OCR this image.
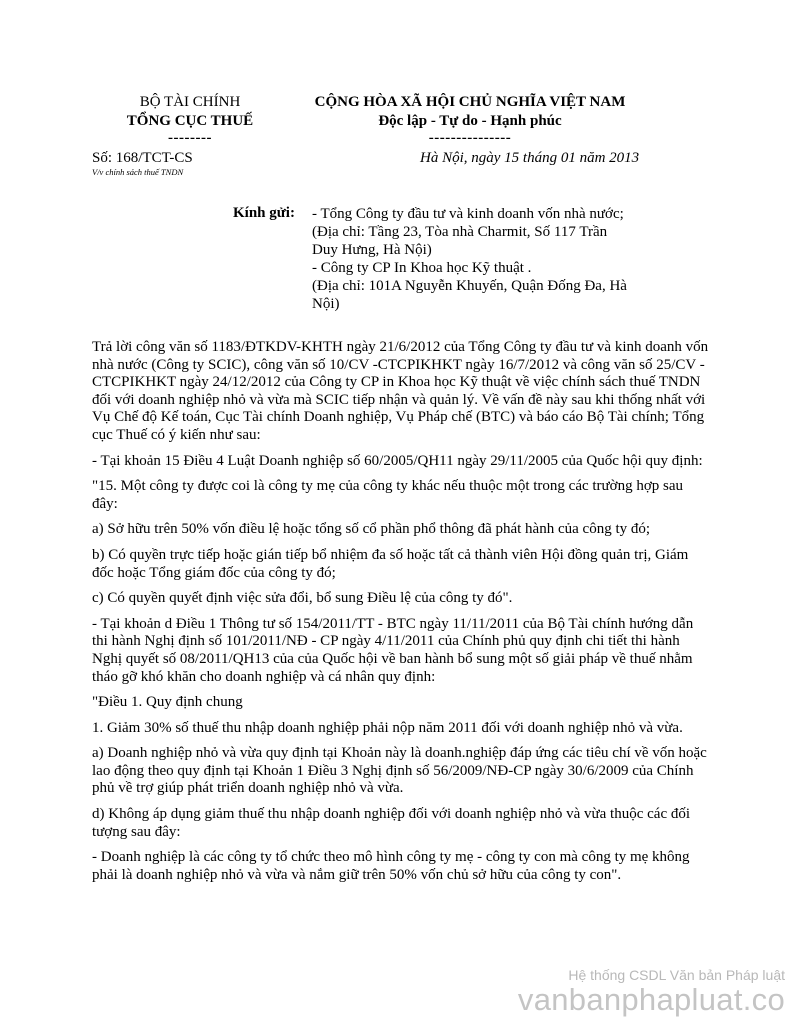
BỘ TÀI CHÍNH
TỔNG CỤC THUẾ
--------
CỘNG HÒA XÃ HỘI CHỦ NGHĨA VIỆT NAM
Độc lập - Tự do - Hạnh phúc
---------------
Số: 168/TCT-CS
V/v chính sách thuế TNDN
Hà Nội, ngày 15 tháng 01 năm 2013
Kính gửi: - Tổng Công ty đầu tư và kinh doanh vốn nhà nước;
(Địa chỉ: Tầng 23, Tòa nhà Charmit, Số 117 Trần
Duy Hưng, Hà Nội)
- Công ty CP In Khoa học Kỹ thuật .
(Địa chỉ: 101A Nguyễn Khuyến, Quận Đống Đa, Hà
Nội)

Trả lời công văn số 1183/ĐTKDV-KHTH ngày 21/6/2012 của Tổng Công ty đầu tư và kinh doanh vốn nhà nước (Công ty SCIC), công văn số 10/CV -CTCPIKHKT ngày 16/7/2012 và công văn số 25/CV - CTCPIKHKT ngày 24/12/2012 của Công ty CP in Khoa học Kỹ thuật về việc chính sách thuế TNDN đối với doanh nghiệp nhỏ và vừa mà SCIC tiếp nhận và quản lý. Về vấn đề này sau khi thống nhất với Vụ Chế độ Kế toán, Cục Tài chính Doanh nghiệp, Vụ Pháp chế (BTC) và báo cáo Bộ Tài chính; Tổng cục Thuế có ý kiến như sau:

- Tại khoản 15 Điều 4 Luật Doanh nghiệp số 60/2005/QH11 ngày 29/11/2005 của Quốc hội quy định:

"15. Một công ty được coi là công ty mẹ của công ty khác nếu thuộc một trong các trường hợp sau đây:

a) Sở hữu trên 50% vốn điều lệ hoặc tổng số cổ phần phổ thông đã phát hành của công ty đó;

b) Có quyền trực tiếp hoặc gián tiếp bổ nhiệm đa số hoặc tất cả thành viên Hội đồng quản trị, Giám đốc hoặc Tổng giám đốc của công ty đó;

c) Có quyền quyết định việc sửa đổi, bổ sung Điều lệ của công ty đó".

- Tại khoản d Điều 1 Thông tư số 154/2011/TT - BTC ngày 11/11/2011 của Bộ Tài chính hướng dẫn thi hành Nghị định số 101/2011/NĐ - CP ngày 4/11/2011 của Chính phủ quy định chi tiết thi hành Nghị quyết số 08/2011/QH13 của của Quốc hội về ban hành bổ sung một số giải pháp về thuế nhằm tháo gỡ khó khăn cho doanh nghiệp và cá nhân quy định:

"Điều 1. Quy định chung

1. Giảm 30% số thuế thu nhập doanh nghiệp phải nộp năm 2011 đối với doanh nghiệp nhỏ và vừa.

a) Doanh nghiệp nhỏ và vừa quy định tại Khoản này là doanh.nghiệp đáp ứng các tiêu chí về vốn hoặc lao động theo quy định tại Khoản 1 Điều 3 Nghị định số 56/2009/NĐ-CP ngày 30/6/2009 của Chính phủ về trợ giúp phát triển doanh nghiệp nhỏ và vừa.

d) Không áp dụng giảm thuế thu nhập doanh nghiệp đối với doanh nghiệp nhỏ và vừa thuộc các đối tượng sau đây:

- Doanh nghiệp là các công ty tổ chức theo mô hình công ty mẹ - công ty con mà công ty mẹ không phải là doanh nghiệp nhỏ và vừa và nắm giữ trên 50% vốn chủ sở hữu của công ty con".

Hệ thống CSDL Văn bản Pháp luật
vanbanphapluat.co
